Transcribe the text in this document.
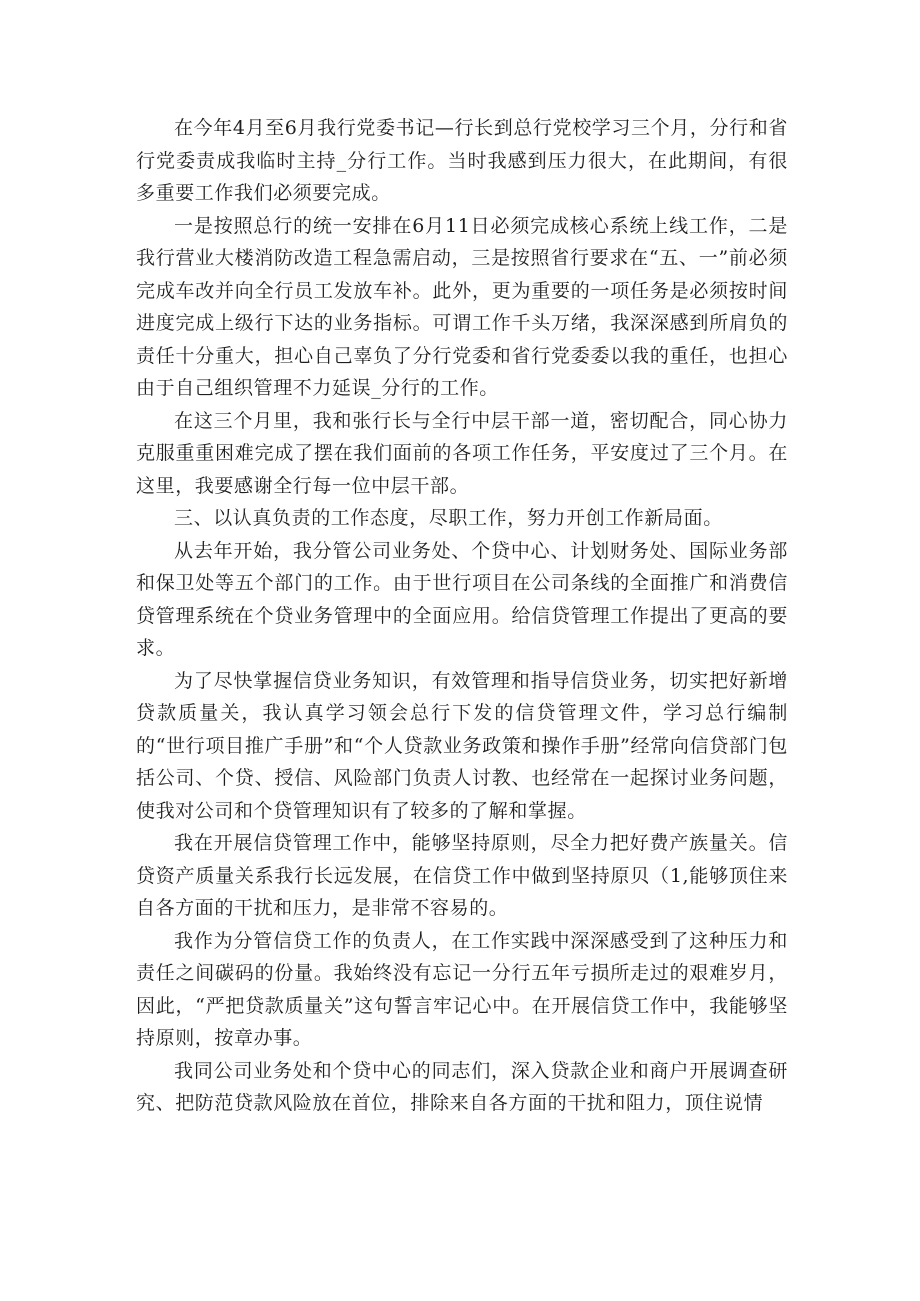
在今年4月至6月我行党委书记—行长到总行党校学习三个月，分行和省行党委责成我临时主持_分行工作。当时我感到压力很大，在此期间，有很多重要工作我们必须要完成。

一是按照总行的统一安排在6月11日必须完成核心系统上线工作，二是我行营业大楼消防改造工程急需启动，三是按照省行要求在“五、一”前必须完成车改并向全行员工发放车补。此外，更为重要的一项任务是必须按时间进度完成上级行下达的业务指标。可谓工作千头万绪，我深深感到所肩负的责任十分重大，担心自己辜负了分行党委和省行党委委以我的重任，也担心由于自己组织管理不力延误_分行的工作。

在这三个月里，我和张行长与全行中层干部一道，密切配合，同心协力克服重重困难完成了摆在我们面前的各项工作任务，平安度过了三个月。在这里，我要感谢全行每一位中层干部。

三、以认真负责的工作态度，尽职工作，努力开创工作新局面。

从去年开始，我分管公司业务处、个贷中心、计划财务处、国际业务部和保卫处等五个部门的工作。由于世行项目在公司条线的全面推广和消费信贷管理系统在个贷业务管理中的全面应用。给信贷管理工作提出了更高的要求。

为了尽快掌握信贷业务知识，有效管理和指导信贷业务，切实把好新增贷款质量关，我认真学习领会总行下发的信贷管理文件，学习总行编制的“世行项目推广手册”和“个人贷款业务政策和操作手册”经常向信贷部门包括公司、个贷、授信、风险部门负责人讨教、也经常在一起探讨业务问题，使我对公司和个贷管理知识有了较多的了解和掌握。

我在开展信贷管理工作中，能够坚持原则，尽全力把好费产族量关。信贷资产质量关系我行长远发展，在信贷工作中做到坚持原贝（1,能够顶住来自各方面的干扰和压力，是非常不容易的。

我作为分管信贷工作的负责人，在工作实践中深深感受到了这种压力和责任之间碳码的份量。我始终没有忘记一分行五年亏损所走过的艰难岁月，因此，“严把贷款质量关”这句誓言牢记心中。在开展信贷工作中，我能够坚持原则，按章办事。

我同公司业务处和个贷中心的同志们，深入贷款企业和商户开展调查研究、把防范贷款风险放在首位，排除来自各方面的干扰和阻力，顶住说情
